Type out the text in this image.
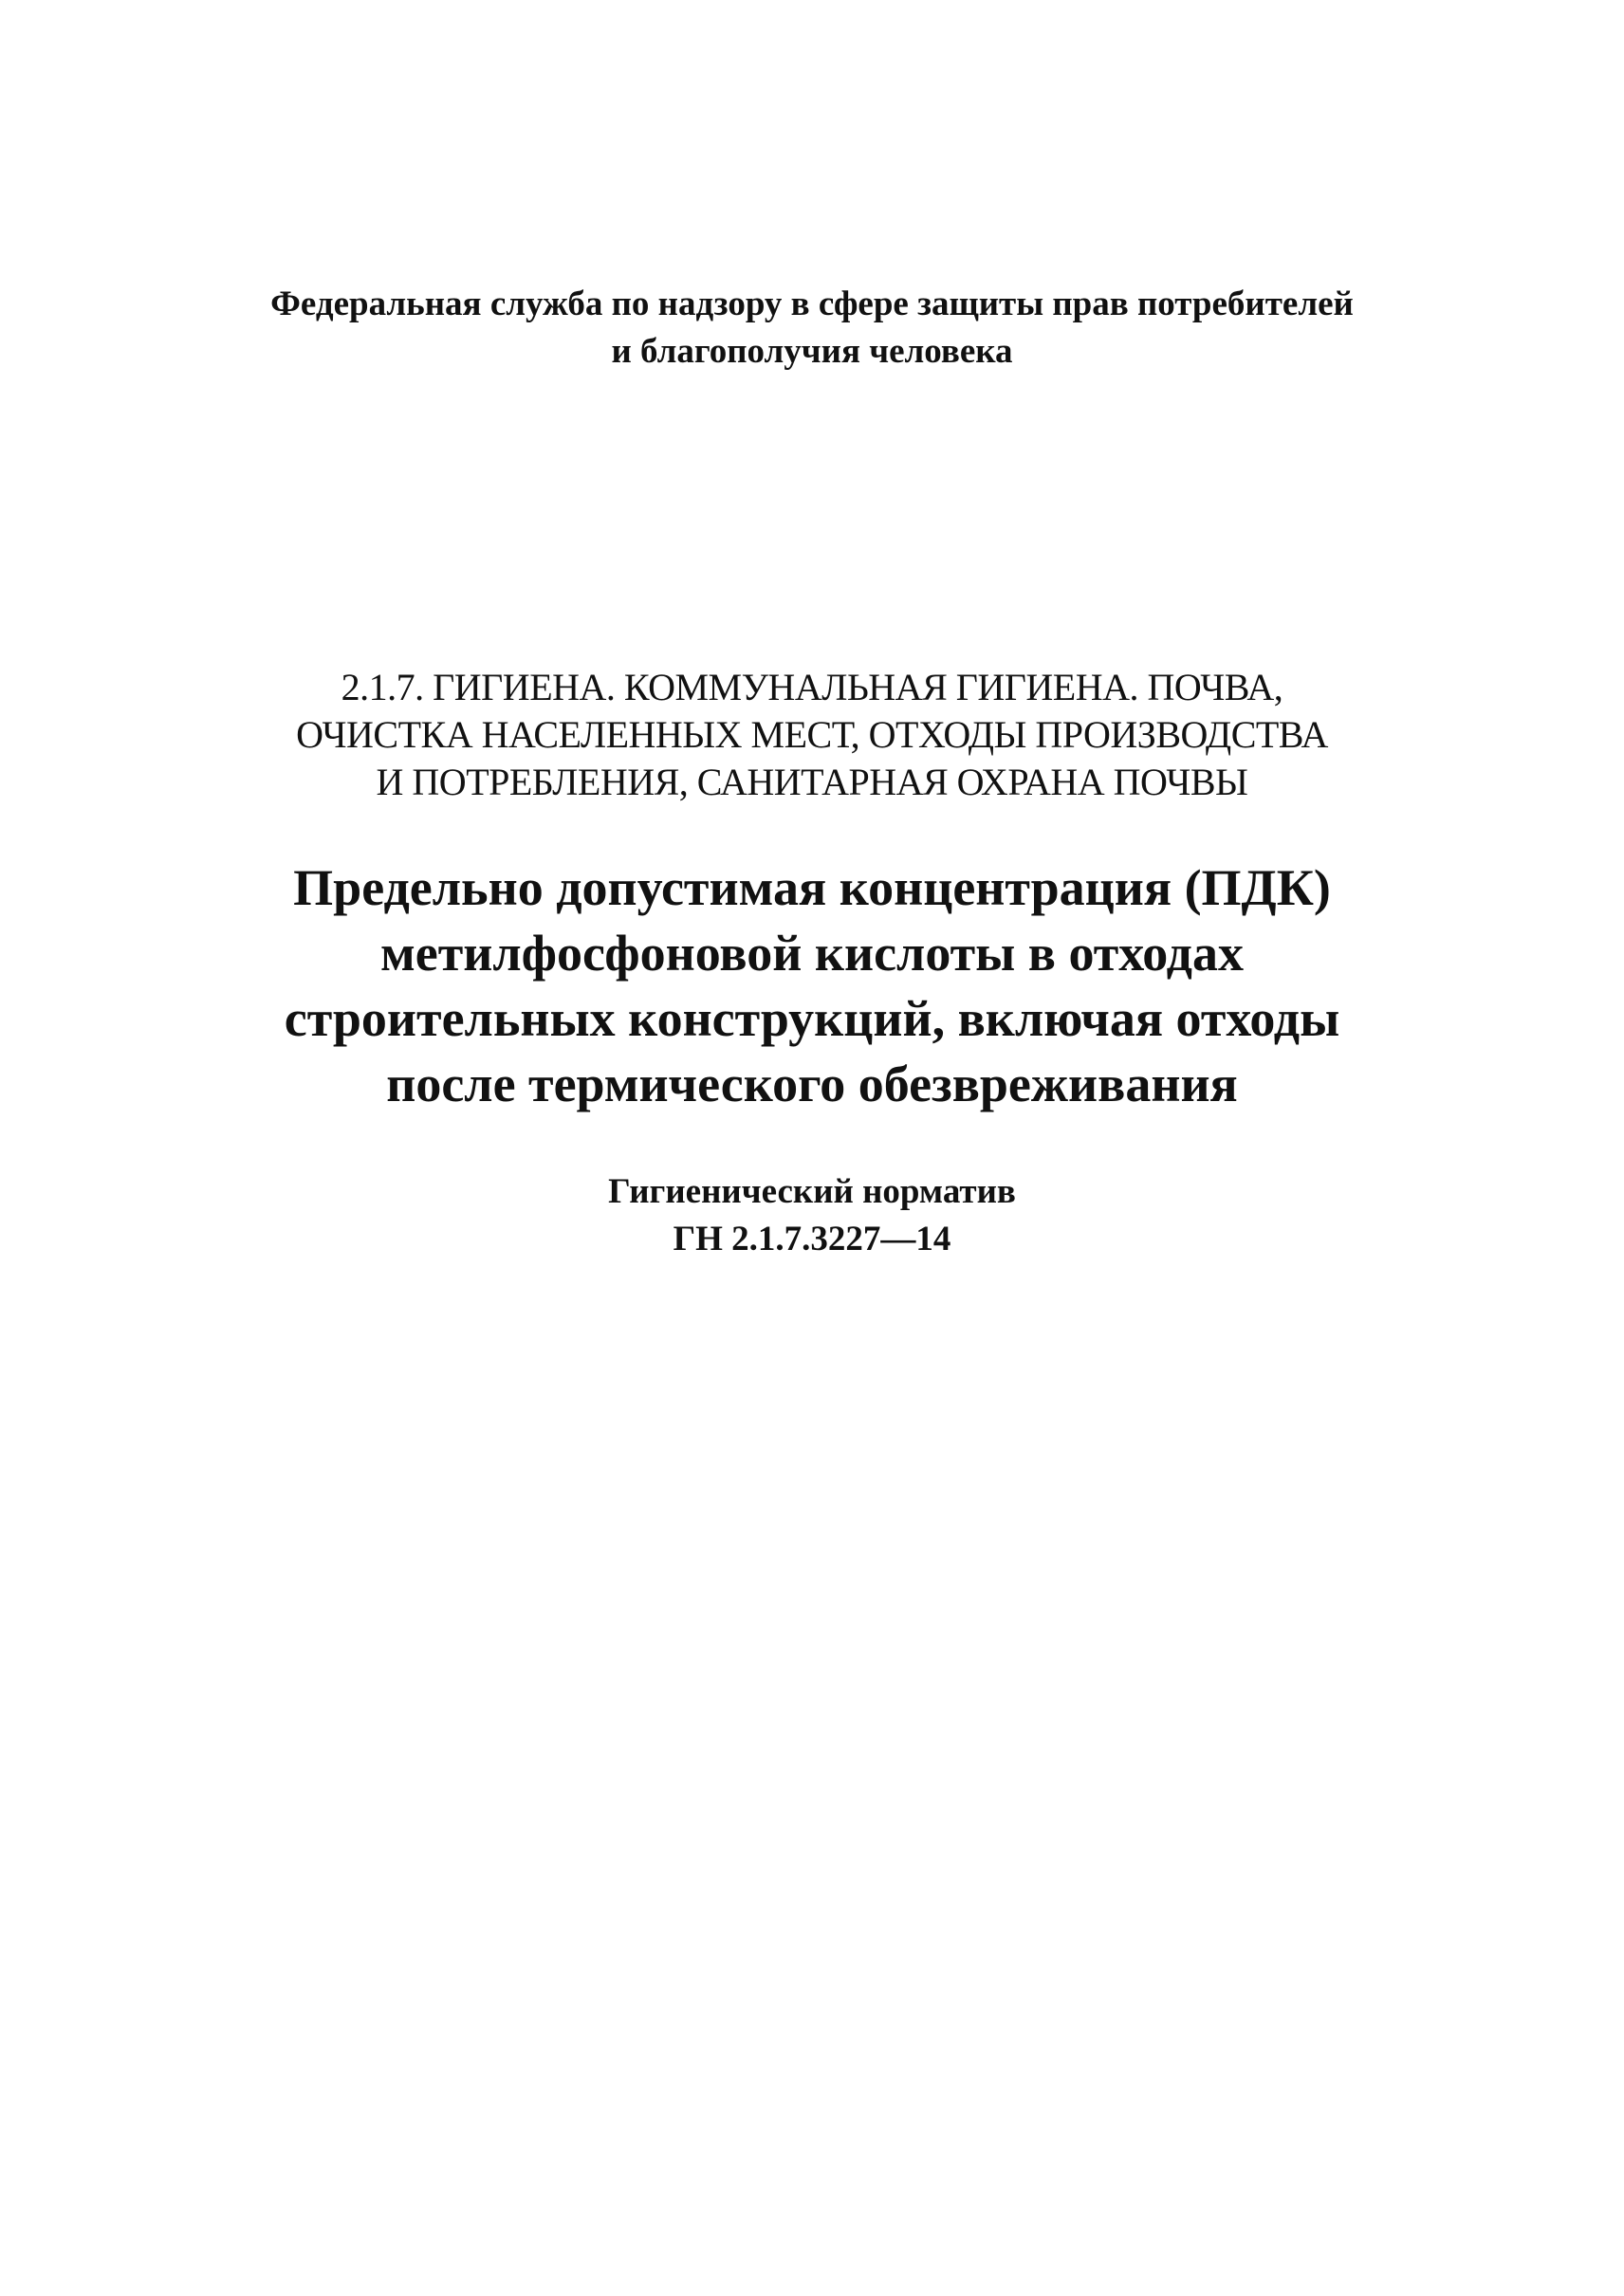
Федеральная служба по надзору в сфере защиты прав потребителей
и благополучия человека
2.1.7. ГИГИЕНА. КОММУНАЛЬНАЯ ГИГИЕНА. ПОЧВА,
ОЧИСТКА НАСЕЛЕННЫХ МЕСТ, ОТХОДЫ ПРОИЗВОДСТВА
И ПОТРЕБЛЕНИЯ, САНИТАРНАЯ ОХРАНА ПОЧВЫ
Предельно допустимая концентрация (ПДК)
метилфосфоновой кислоты в отходах
строительных конструкций, включая отходы
после термического обезвреживания
Гигиенический норматив
ГН 2.1.7.3227—14
